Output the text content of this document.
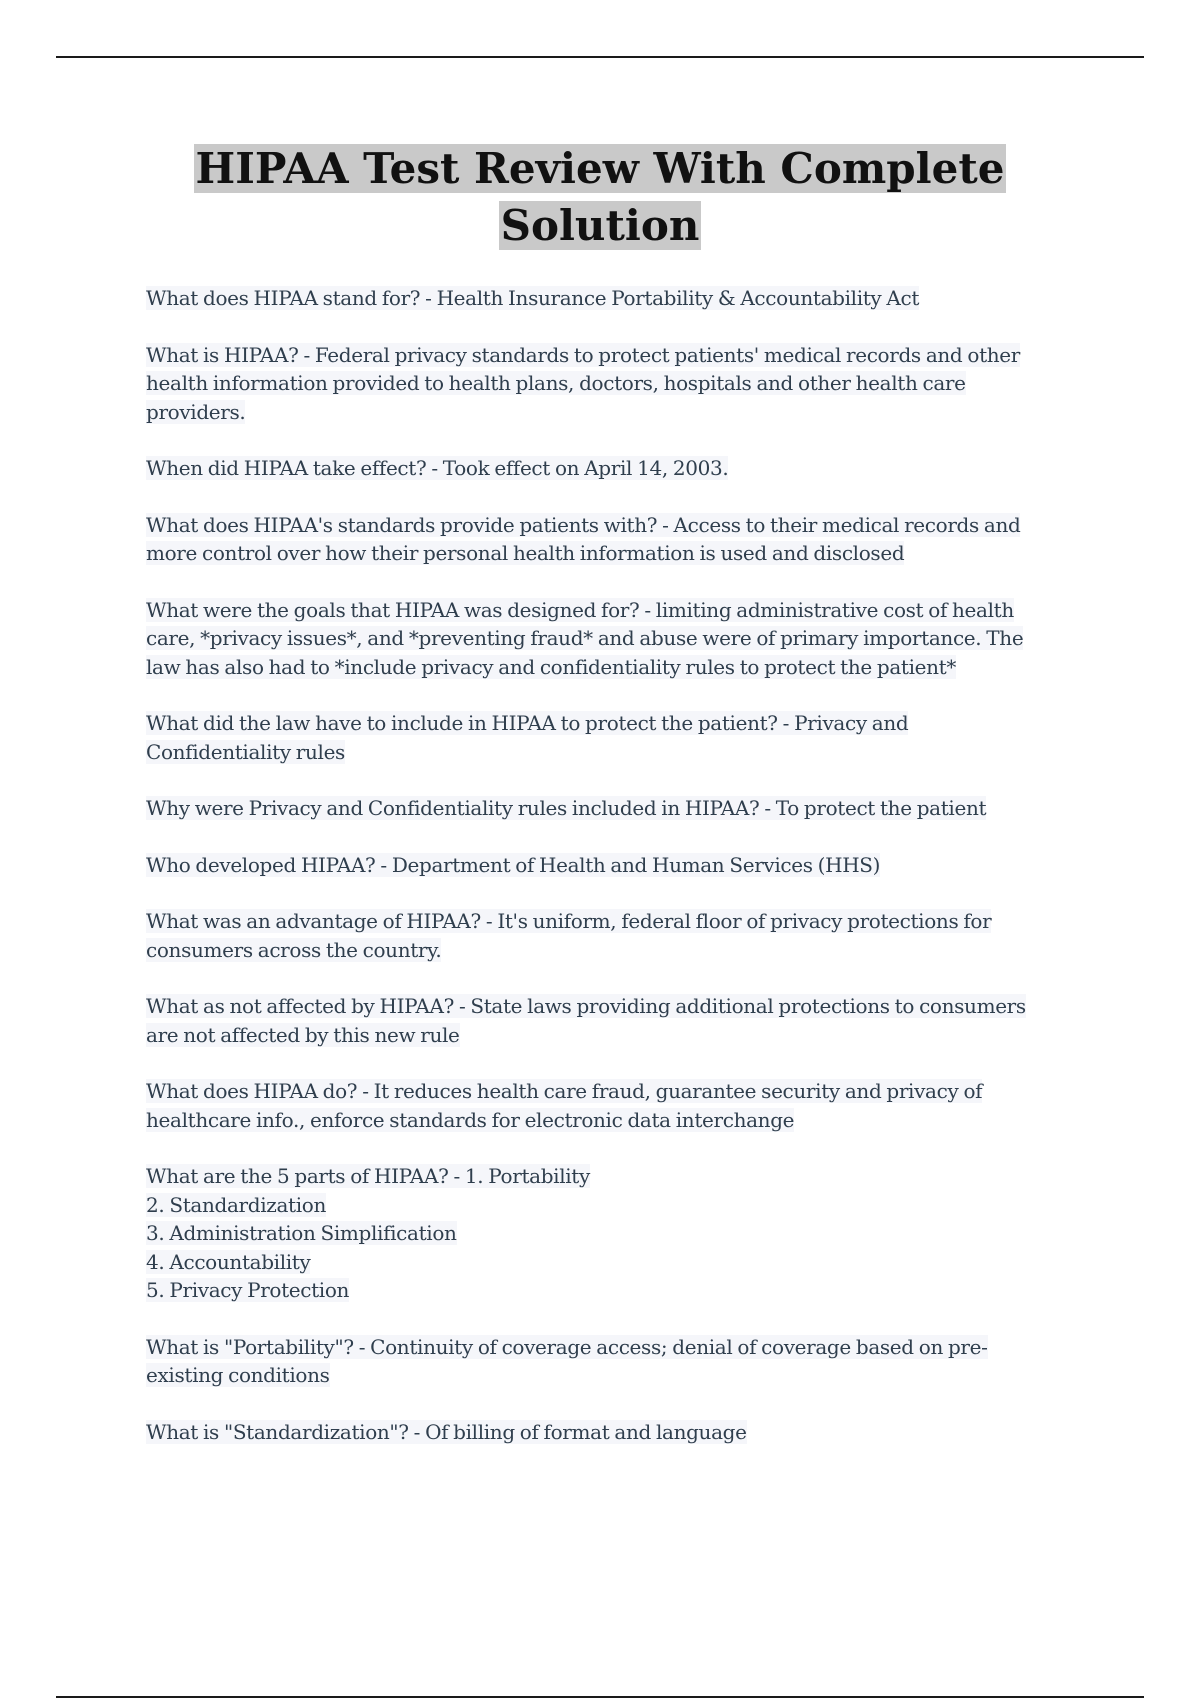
HIPAA Test Review With Complete
Solution

What does HIPAA stand for? - Health Insurance Portability & Accountability Act

What is HIPAA? - Federal privacy standards to protect patients' medical records and other
health information provided to health plans, doctors, hospitals and other health care
providers.

When did HIPAA take effect? - Took effect on April 14, 2003.

What does HIPAA's standards provide patients with? - Access to their medical records and
more control over how their personal health information is used and disclosed

What were the goals that HIPAA was designed for? - limiting administrative cost of health
care, *privacy issues*, and *preventing fraud* and abuse were of primary importance. The
law has also had to *include privacy and confidentiality rules to protect the patient*

What did the law have to include in HIPAA to protect the patient? - Privacy and
Confidentiality rules

Why were Privacy and Confidentiality rules included in HIPAA? - To protect the patient

Who developed HIPAA? - Department of Health and Human Services (HHS)

What was an advantage of HIPAA? - It's uniform, federal floor of privacy protections for
consumers across the country.

What as not affected by HIPAA? - State laws providing additional protections to consumers
are not affected by this new rule

What does HIPAA do? - It reduces health care fraud, guarantee security and privacy of
healthcare info., enforce standards for electronic data interchange

What are the 5 parts of HIPAA? - 1. Portability
2. Standardization
3. Administration Simplification
4. Accountability
5. Privacy Protection

What is "Portability"? - Continuity of coverage access; denial of coverage based on pre-
existing conditions

What is "Standardization"? - Of billing of format and language
